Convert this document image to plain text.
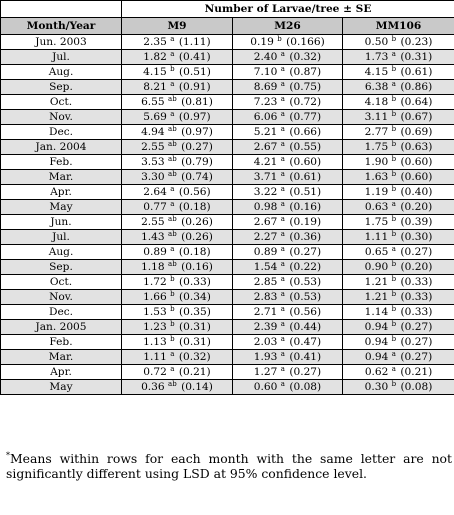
	Number of Larvae/tree ± SE		
Month/Year	M9	M26	MM106
Jun. 2003	2.35 $^a$ (1.11)	0.19 $^b$ (0.166)	0.50 $^b$ (0.23)
Jul.	1.82 $^a$ (0.41)	2.40 $^a$ (0.32)	1.73 $^a$ (0.31)
Aug.	4.15 $^b$ (0.51)	7.10 $^a$ (0.87)	4.15 $^b$ (0.61)
Sep.	8.21 $^a$ (0.91)	8.69 $^a$ (0.75)	6.38 $^a$ (0.86)
Oct.	6.55 $^{ab}$ (0.81)	7.23 $^a$ (0.72)	4.18 $^b$ (0.64)
Nov.	5.69 $^a$ (0.97)	6.06 $^a$ (0.77)	3.11 $^b$ (0.67)
Dec.	4.94 $^{ab}$ (0.97)	5.21 $^a$ (0.66)	2.77 $^b$ (0.69)
Jan. 2004	2.55 $^{ab}$ (0.27)	2.67 $^a$ (0.55)	1.75 $^b$ (0.63)
Feb.	3.53 $^{ab}$ (0.79)	4.21 $^a$ (0.60)	1.90 $^b$ (0.60)
Mar.	3.30 $^{ab}$ (0.74)	3.71 $^a$ (0.61)	1.63 $^b$ (0.60)
Apr.	2.64 $^a$ (0.56)	3.22 $^a$ (0.51)	1.19 $^b$ (0.40)
May	0.77 $^a$ (0.18)	0.98 $^a$ (0.16)	0.63 $^a$ (0.20)
Jun.	2.55 $^{ab}$ (0.26)	2.67 $^a$ (0.19)	1.75 $^b$ (0.39)
Jul.	1.43 $^{ab}$ (0.26)	2.27 $^a$ (0.36)	1.11 $^b$ (0.30)
Aug.	0.89 $^a$ (0.18)	0.89 $^a$ (0.27)	0.65 $^a$ (0.27)
Sep.	1.18 $^{ab}$ (0.16)	1.54 $^a$ (0.22)	0.90 $^b$ (0.20)
Oct.	1.72 $^b$ (0.33)	2.85 $^a$ (0.53)	1.21 $^b$ (0.33)
Nov.	1.66 $^b$ (0.34)	2.83 $^a$ (0.53)	1.21 $^b$ (0.33)
Dec.	1.53 $^b$ (0.35)	2.71 $^a$ (0.56)	1.14 $^b$ (0.33)
Jan. 2005	1.23 $^b$ (0.31)	2.39 $^a$ (0.44)	0.94 $^b$ (0.27)
Feb.	1.13 $^b$ (0.31)	2.03 $^a$ (0.47)	0.94 $^b$ (0.27)
Mar.	1.11 $^a$ (0.32)	1.93 $^a$ (0.41)	0.94 $^a$ (0.27)
Apr.	0.72 $^a$ (0.21)	1.27 $^a$ (0.27)	0.62 $^a$ (0.21)
May	0.36 $^{ab}$ (0.14)	0.60 $^a$ (0.08)	0.30 $^b$ (0.08)
*Means within rows for each month with the same letter are not significantly different using LSD at 95% confidence level.
